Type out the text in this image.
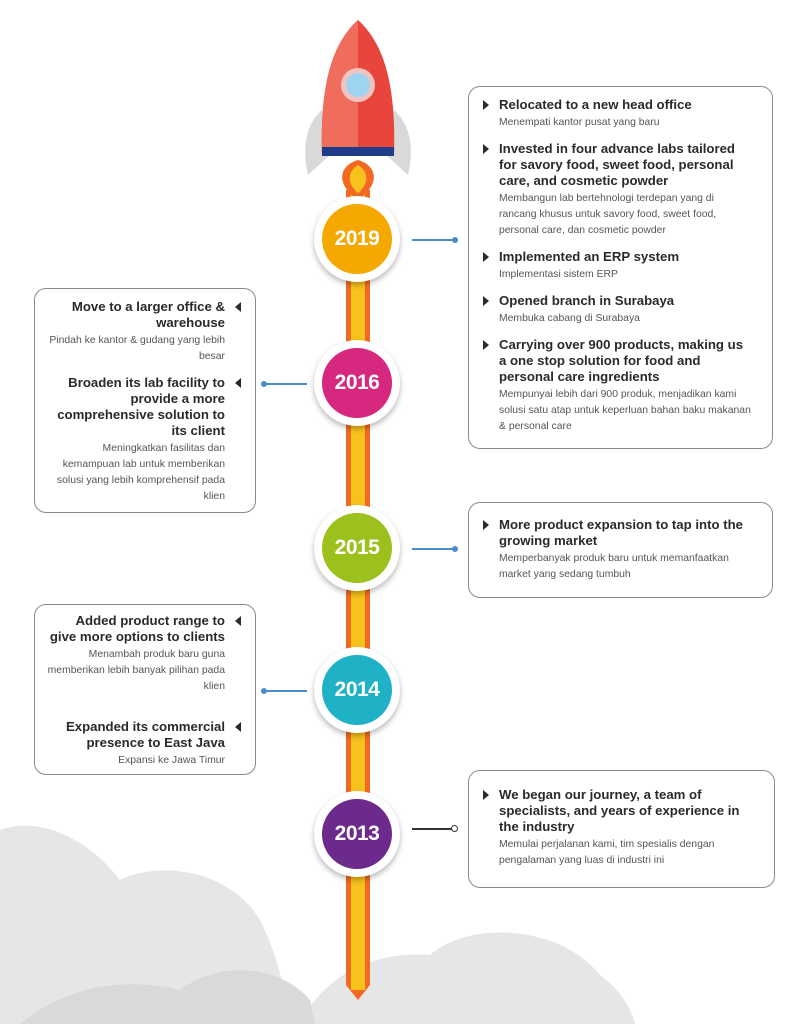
2019
Relocated to a new head office
Menempati kantor pusat yang baru
Invested in four advance labs tailored for savory food, sweet food, personal care, and cosmetic powder
Membangun lab bertehnologi terdepan yang di rancang khusus untuk savory food, sweet food, personal care, dan cosmetic powder
Implemented an ERP system
Implementasi sistem ERP
Opened branch in Surabaya
Membuka cabang di Surabaya
Carrying over 900 products, making us a one stop solution for food and personal care ingredients
Mempunyai lebih dari 900 produk, menjadikan kami solusi satu atap untuk keperluan bahan baku makanan & personal care
2016
Move to a larger office & warehouse
Pindah ke kantor & gudang yang lebih besar
Broaden its lab facility to provide a more comprehensive solution to its client
Meningkatkan fasilitas dan kemampuan lab untuk memberikan solusi yang lebih komprehensif pada klien
2015
More product expansion to tap into the growing market
Memperbanyak produk baru untuk memanfaatkan market yang sedang tumbuh
2014
Added product range to give more options to clients
Menambah produk baru guna memberikan lebih banyak pilihan pada klien
Expanded its commercial presence to East Java
Expansi ke Jawa Timur
2013
We began our journey, a team of specialists, and years of experience in the industry
Memulai perjalanan kami, tim spesialis dengan pengalaman yang luas di industri ini
